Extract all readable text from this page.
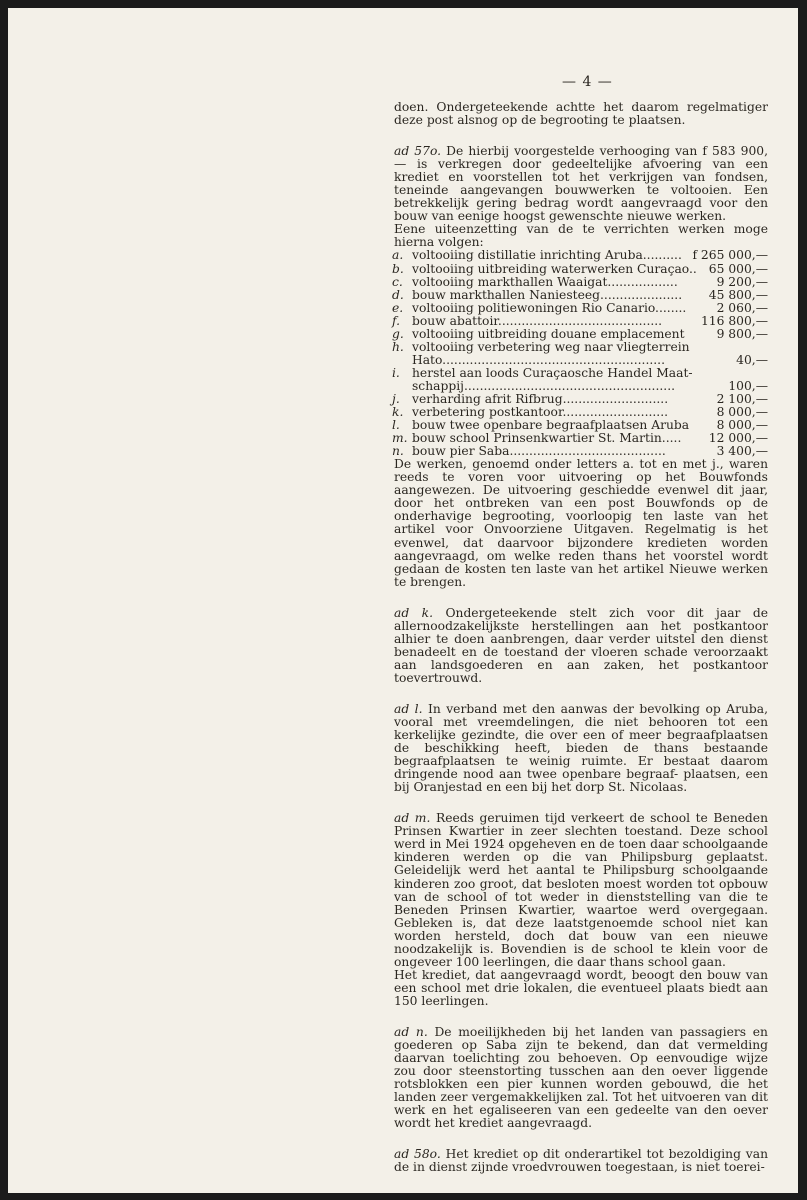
— 4 —

doen. Ondergeteekende achtte het daarom regelmatiger deze post alsnog op de begrooting te plaatsen.

ad 57o. De hierbij voorgestelde verhooging van f 583 900,— is verkregen door gedeeltelijke afvoering van een krediet en voorstellen tot het verkrijgen van fondsen, teneinde aangevangen bouwwerken te voltooien. Een betrekkelijk gering bedrag wordt aangevraagd voor den bouw van eenige hoogst gewenschte nieuwe werken.

Eene uiteenzetting van de te verrichten werken moge hierna volgen:

a. voltooiing distillatie inrichting Aruba.......... f 265 000,—
b. voltooiing uitbreiding waterwerken Curaçao.. 65 000,—
c. voltooiing markthallen Waaigat..................	9 200,—
d. bouw markthallen Naniesteeg..................... 45 800,—
e. voltooiing politiewoningen Rio Canario........ 2 060,—
f. bouw abattoir..........................................	116 800,—
g. voltooiing uitbreiding douane emplacement	9 800,—
h. voltooiing verbetering weg naar vliegterrein
Hato.........................................................	40,—
i. herstel aan loods Curaçaosche Handel Maat-
schappij......................................................	100,—
j. verharding afrit Rifbrug...........................	2 100,—
k. verbetering postkantoor...........................	8 000,—
l. bouw twee openbare begraafplaatsen Aruba 8 000,—
m. bouw school Prinsenkwartier St. Martin..... 12 000,—
n. bouw pier Saba........................................	3 400,—

De werken, genoemd onder letters a. tot en met j., waren reeds te voren voor uitvoering op het Bouwfonds aangewezen. De uitvoering geschiedde evenwel dit jaar, door het ontbreken van een post Bouwfonds op de onderhavige begrooting, voorloopig ten laste van het artikel voor Onvoorziene Uitgaven. Regelmatig is het evenwel, dat daarvoor bijzondere kredieten worden aangevraagd, om welke reden thans het voorstel wordt gedaan de kosten ten laste van het artikel Nieuwe werken te brengen.

ad k. Ondergeteekende stelt zich voor dit jaar de allernoodzakelijkste herstellingen aan het postkantoor alhier te doen aanbrengen, daar verder uitstel den dienst benadeelt en de toestand der vloeren schade veroorzaakt aan landsgoederen en aan zaken, het postkantoor toevertrouwd.

ad l. In verband met den aanwas der bevolking op Aruba, vooral met vreemdelingen, die niet behooren tot een kerkelijke gezindte, die over een of meer begraafplaatsen de beschikking heeft, bieden de thans bestaande begraafplaatsen te weinig ruimte. Er bestaat daarom dringende nood aan twee openbare begraaf- plaatsen, een bij Oranjestad en een bij het dorp St. Nicolaas.

ad m. Reeds geruimen tijd verkeert de school te Beneden Prinsen Kwartier in zeer slechten toestand. Deze school werd in Mei 1924 opgeheven en de toen daar schoolgaande kinderen werden op die van Philipsburg geplaatst. Geleidelijk werd het aantal te Philipsburg schoolgaande kinderen zoo groot, dat besloten moest worden tot opbouw van de school of tot weder in dienststelling van die te Beneden Prinsen Kwartier, waartoe werd overgegaan. Gebleken is, dat deze laatstgenoemde school niet kan worden hersteld, doch dat bouw van een nieuwe noodzakelijk is. Bovendien is de school te klein voor de ongeveer 100 leerlingen, die daar thans school gaan.

Het krediet, dat aangevraagd wordt, beoogt den bouw van een school met drie lokalen, die eventueel plaats biedt aan 150 leerlingen.

ad n. De moeilijkheden bij het landen van passagiers en goederen op Saba zijn te bekend, dan dat vermelding daarvan toelichting zou behoeven. Op eenvoudige wijze zou door steenstorting tusschen aan den oever liggende rotsblokken een pier kunnen worden gebouwd, die het landen zeer vergemakkelijken zal. Tot het uitvoeren van dit werk en het egaliseeren van een gedeelte van den oever wordt het krediet aangevraagd.

ad 58o. Het krediet op dit onderartikel tot bezoldiging van de in dienst zijnde vroedvrouwen toegestaan, is niet toerei-
